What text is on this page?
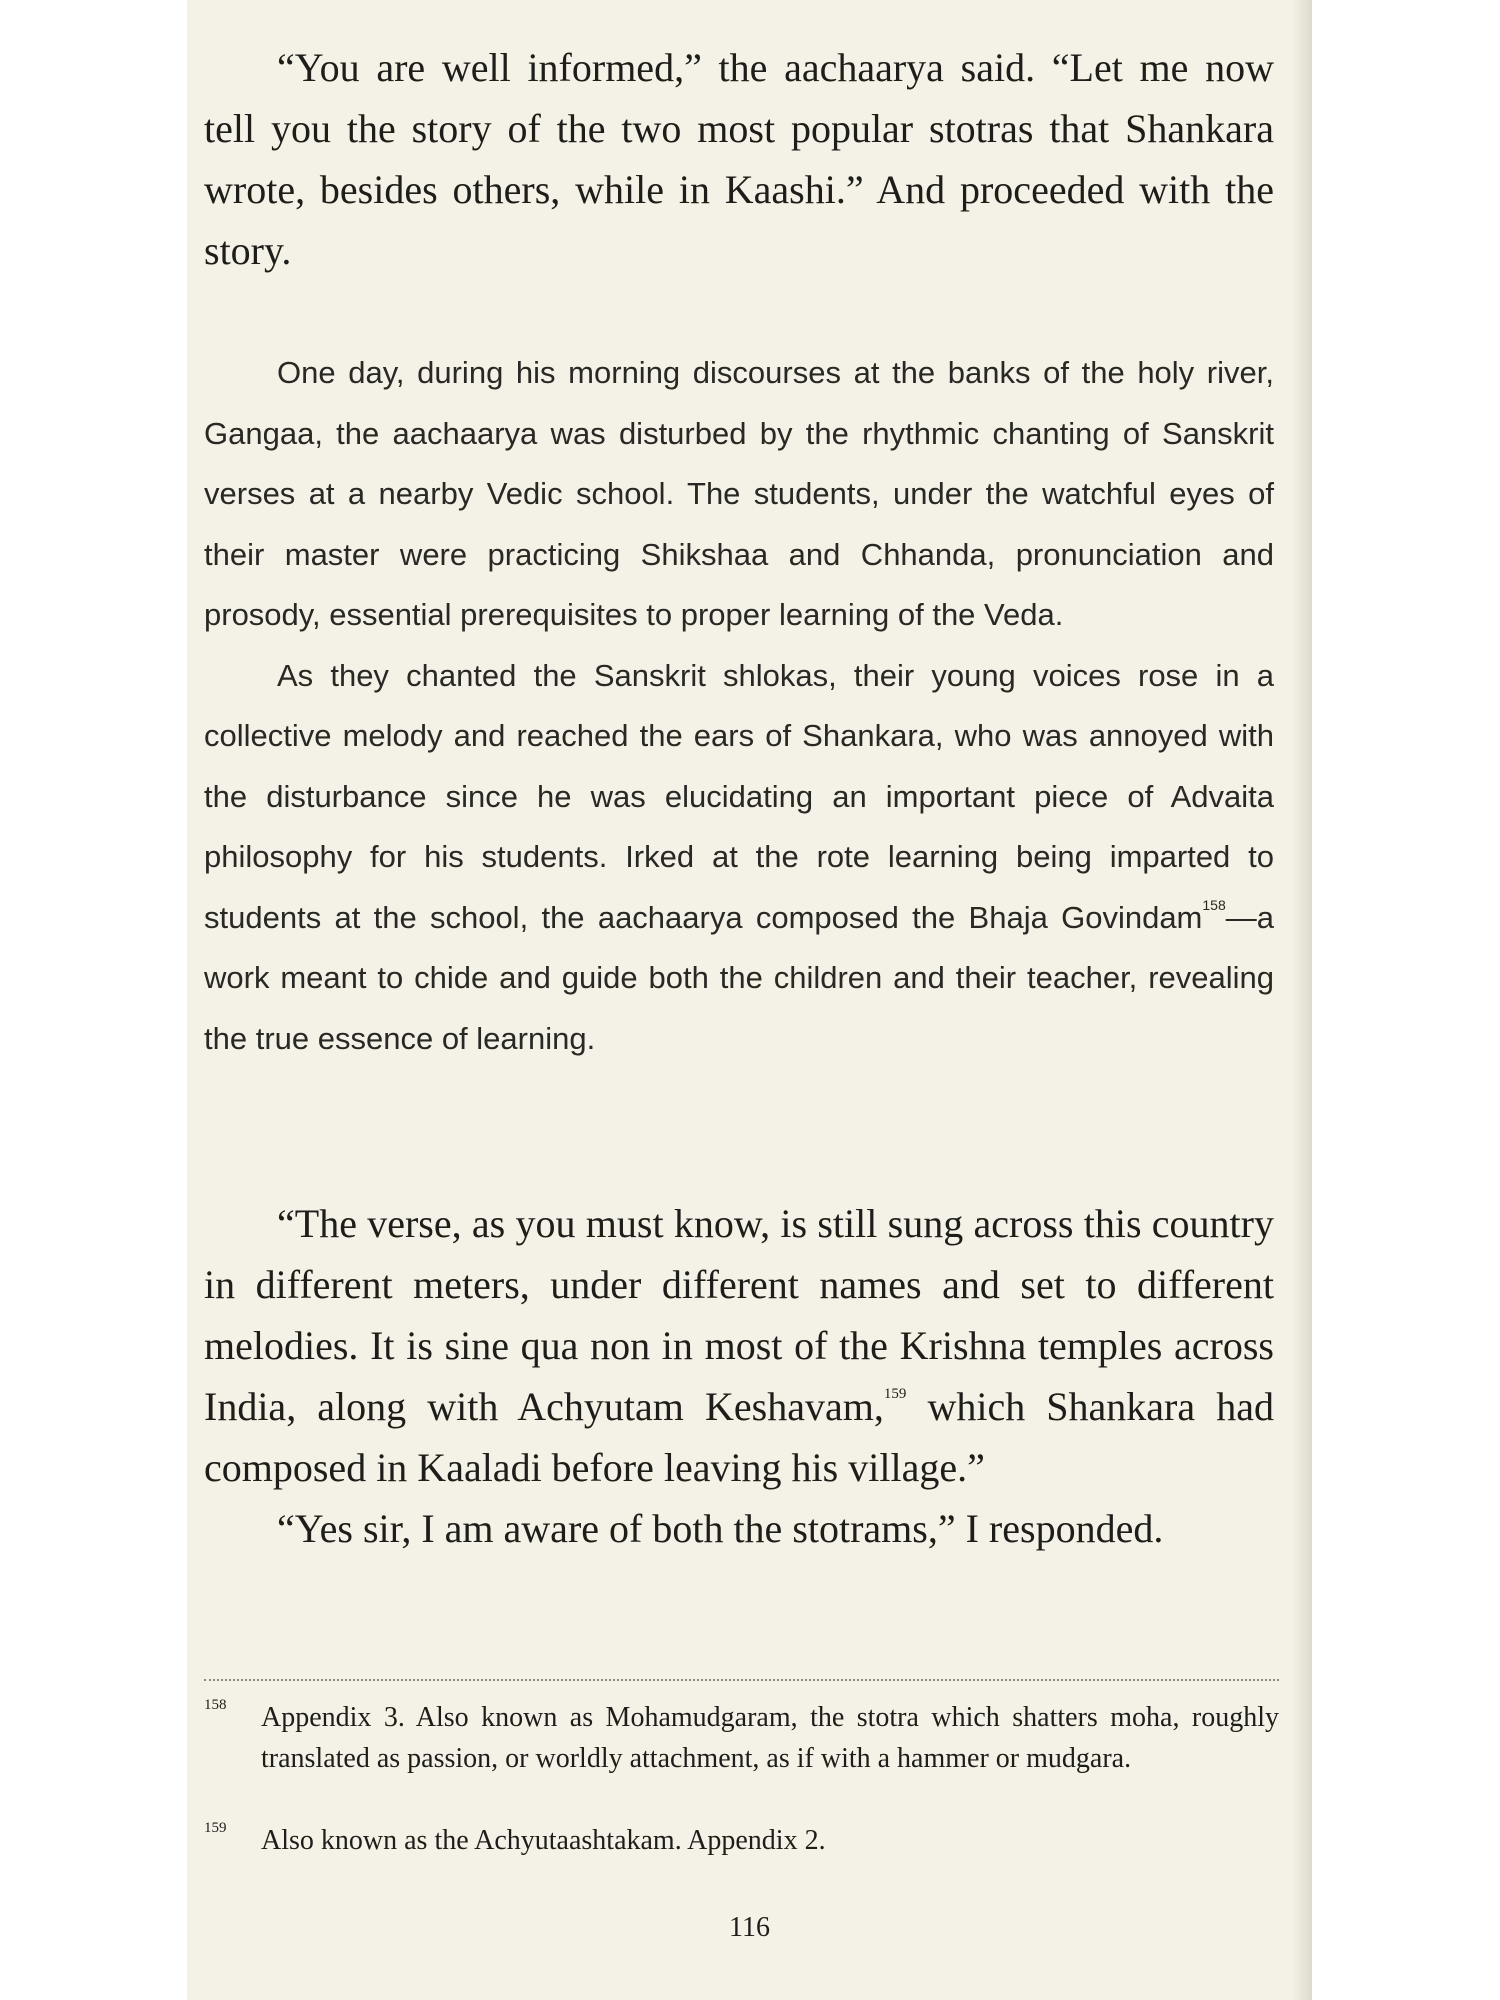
“You are well informed,” the aachaarya said. “Let me now tell you the story of the two most popular stotras that Shankara wrote, besides others, while in Kaashi.” And proceeded with the story.

One day, during his morning discourses at the banks of the holy river, Gangaa, the aachaarya was disturbed by the rhythmic chanting of Sanskrit verses at a nearby Vedic school. The students, under the watchful eyes of their master were practicing Shikshaa and Chhanda, pronunciation and prosody, essential prerequisites to proper learning of the Veda.

As they chanted the Sanskrit shlokas, their young voices rose in a collective melody and reached the ears of Shankara, who was annoyed with the disturbance since he was elucidating an important piece of Advaita philosophy for his students. Irked at the rote learning being imparted to students at the school, the aachaarya composed the Bhaja Govindam$^{158}$—a work meant to chide and guide both the children and their teacher, revealing the true essence of learning.

“The verse, as you must know, is still sung across this country in different meters, under different names and set to different melodies. It is sine qua non in most of the Krishna temples across India, along with Achyutam Keshavam,$^{159}$ which Shankara had composed in Kaaladi before leaving his village.”

“Yes sir, I am aware of both the stotrams,” I responded.

158 Appendix 3. Also known as Mohamudgaram, the stotra which shatters moha, roughly translated as passion, or worldly attachment, as if with a hammer or mudgara.
159 Also known as the Achyutaashtakam. Appendix 2.
116
